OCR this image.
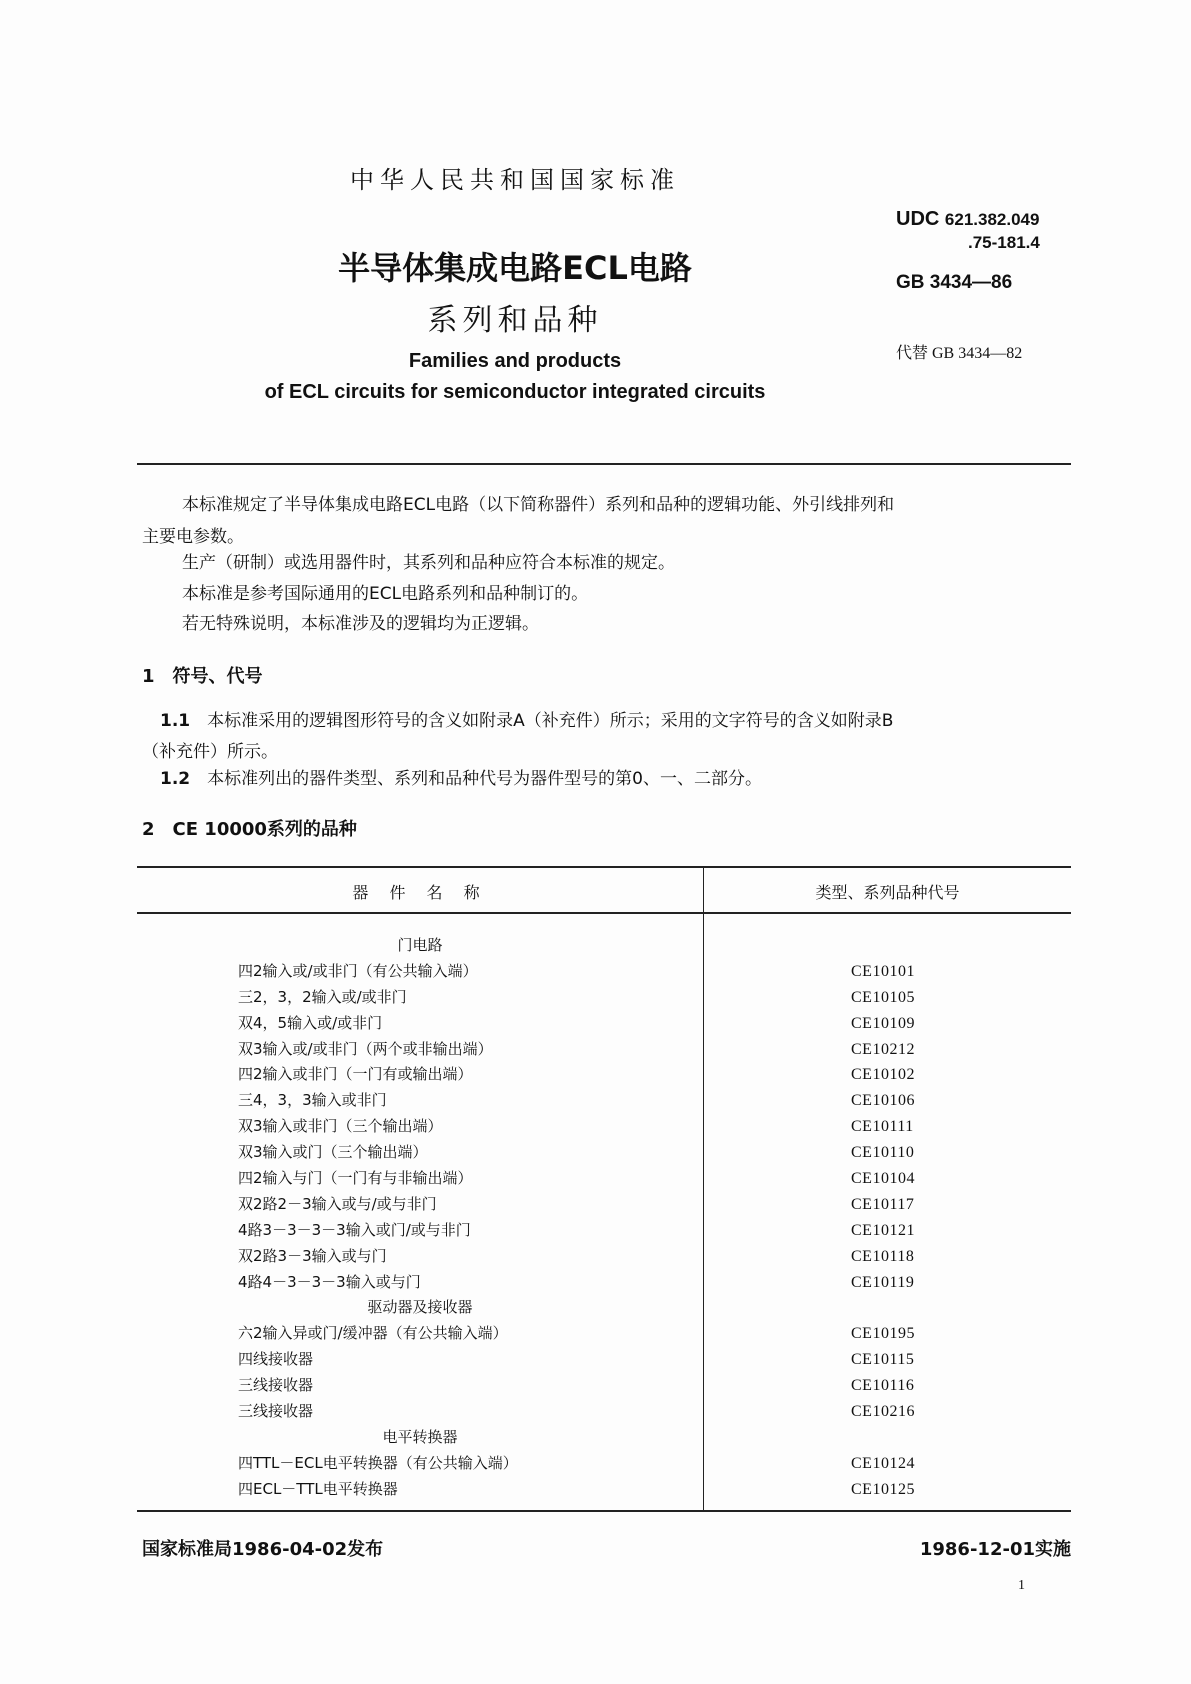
中华人民共和国国家标准
半导体集成电路ECL电路
系列和品种
Families and products
of ECL circuits for semiconductor integrated circuits
UDC 621.382.049
.75-181.4
GB 3434—86
代替 GB 3434—82
本标准规定了半导体集成电路ECL电路（以下简称器件）系列和品种的逻辑功能、外引线排列和
主要电参数。
生产（研制）或选用器件时，其系列和品种应符合本标准的规定。
本标准是参考国际通用的ECL电路系列和品种制订的。
若无特殊说明，本标准涉及的逻辑均为正逻辑。
1　符号、代号
1.1　 本标准采用的逻辑图形符号的含义如附录A（补充件）所示；采用的文字符号的含义如附录B
（补充件）所示。
1.2　 本标准列出的器件类型、系列和品种代号为器件型号的第0、一、二部分。
2　CE 10000系列的品种
器 件 名 称	类型、系列品种代号
门电路
四2输入或/或非门（有公共输入端）	CE10101
三2，3，2输入或/或非门	CE10105
双4，5输入或/或非门	CE10109
双3输入或/或非门（两个或非输出端）	CE10212
四2输入或非门（一门有或输出端）	CE10102
三4，3，3输入或非门	CE10106
双3输入或非门（三个输出端）	CE10111
双3输入或门（三个输出端）	CE10110
四2输入与门（一门有与非输出端）	CE10104
双2路2－3输入或与/或与非门	CE10117
4路3－3－3－3输入或门/或与非门	CE10121
双2路3－3输入或与门	CE10118
4路4－3－3－3输入或与门	CE10119
驱动器及接收器
六2输入异或门/缓冲器（有公共输入端）	CE10195
四线接收器	CE10115
三线接收器	CE10116
三线接收器	CE10216
电平转换器
四TTL－ECL电平转换器（有公共输入端）	CE10124
四ECL－TTL电平转换器	CE10125
国家标准局1986-04-02发布	1986-12-01实施
1
